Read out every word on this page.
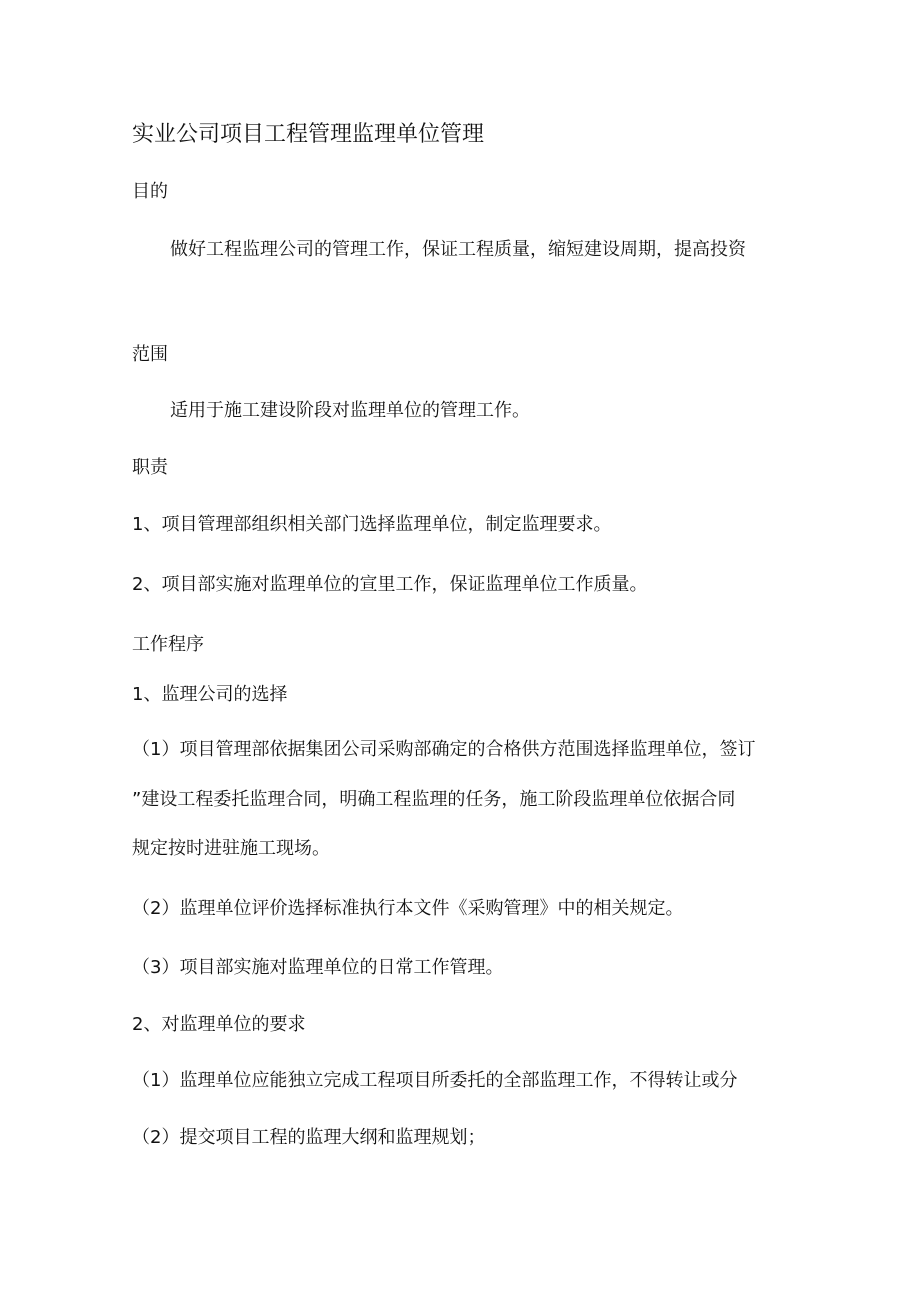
实业公司项目工程管理监理单位管理
目的
做好工程监理公司的管理工作，保证工程质量，缩短建设周期，提高投资
范围
适用于施工建设阶段对监理单位的管理工作。
职责
1、项目管理部组织相关部门选择监理单位，制定监理要求。
2、项目部实施对监理单位的宣里工作，保证监理单位工作质量。
工作程序
1、监理公司的选择
（1）项目管理部依据集团公司采购部确定的合格供方范围选择监理单位，签订
”建设工程委托监理合同，明确工程监理的任务，施工阶段监理单位依据合同
规定按时进驻施工现场。
（2）监理单位评价选择标准执行本文件《采购管理》中的相关规定。
（3）项目部实施对监理单位的日常工作管理。
2、对监理单位的要求
（1）监理单位应能独立完成工程项目所委托的全部监理工作，不得转让或分
（2）提交项目工程的监理大纲和监理规划；
